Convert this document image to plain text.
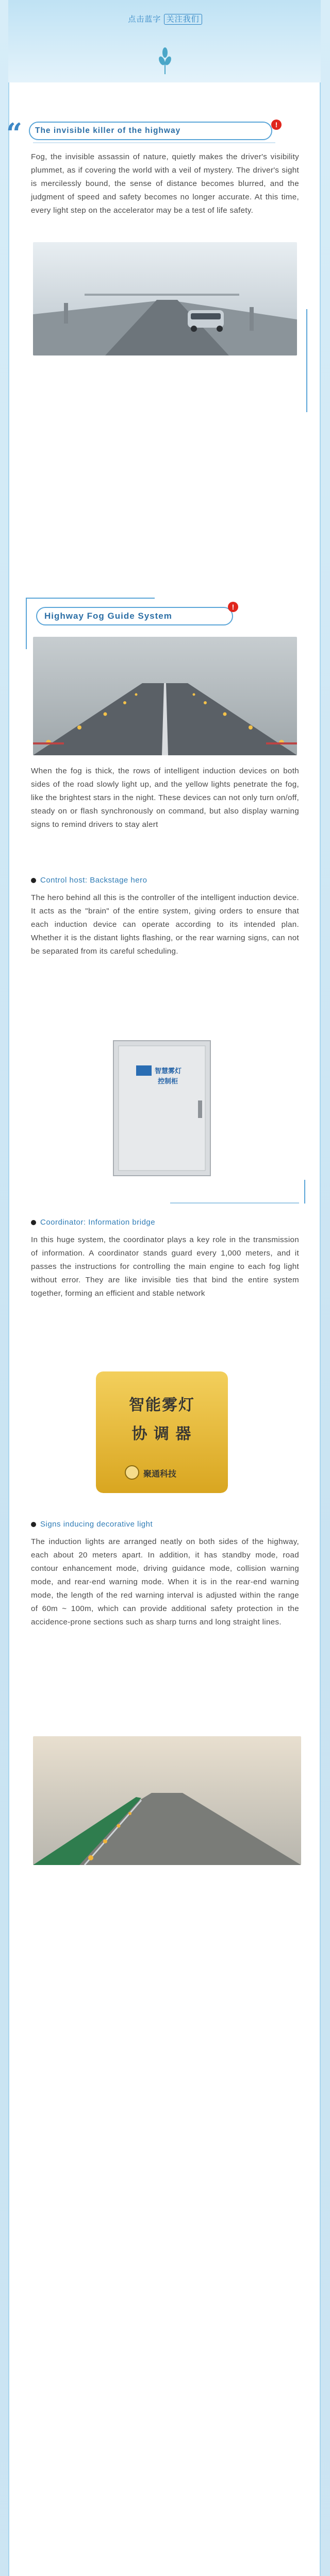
点击蓝字 关注我们
“	The invisible killer of the highway
!
Fog, the invisible assassin of nature, quietly makes the driver's visibility plummet, as if covering the world with a veil of mystery. The driver's sight is mercilessly bound, the sense of distance becomes blurred, and the judgment of speed and safety becomes no longer accurate. At this time, every light step on the accelerator may be a test of life safety.
Highway Fog Guide System
!
When the fog is thick, the rows of intelligent induction devices on both sides of the road slowly light up, and the yellow lights penetrate the fog, like the brightest stars in the night. These devices can not only turn on/off, steady on or flash synchronously on command, but also display warning signs to remind drivers to stay alert
Control host: Backstage hero
The hero behind all this is the controller of the intelligent induction device. It acts as the "brain" of the entire system, giving orders to ensure that each induction device can operate according to its intended plan. Whether it is the distant lights flashing, or the rear warning signs, can not be separated from its careful scheduling.
智慧雾灯
控制柜
Coordinator: Information bridge
In this huge system, the coordinator plays a key role in the transmission of information. A coordinator stands guard every 1,000 meters, and it passes the instructions for controlling the main engine to each fog light without error. They are like invisible ties that bind the entire system together, forming an efficient and stable network
智能雾灯
协 调 器
聚通科技
Signs inducing decorative light
The induction lights are arranged neatly on both sides of the highway, each about 20 meters apart. In addition, it has standby mode, road contour enhancement mode, driving guidance mode, collision warning mode, and rear-end warning mode. When it is in the rear-end warning mode, the length of the red warning interval is adjusted within the range of 60m ~ 100m, which can provide additional safety protection in the accidence-prone sections such as sharp turns and long straight lines.
